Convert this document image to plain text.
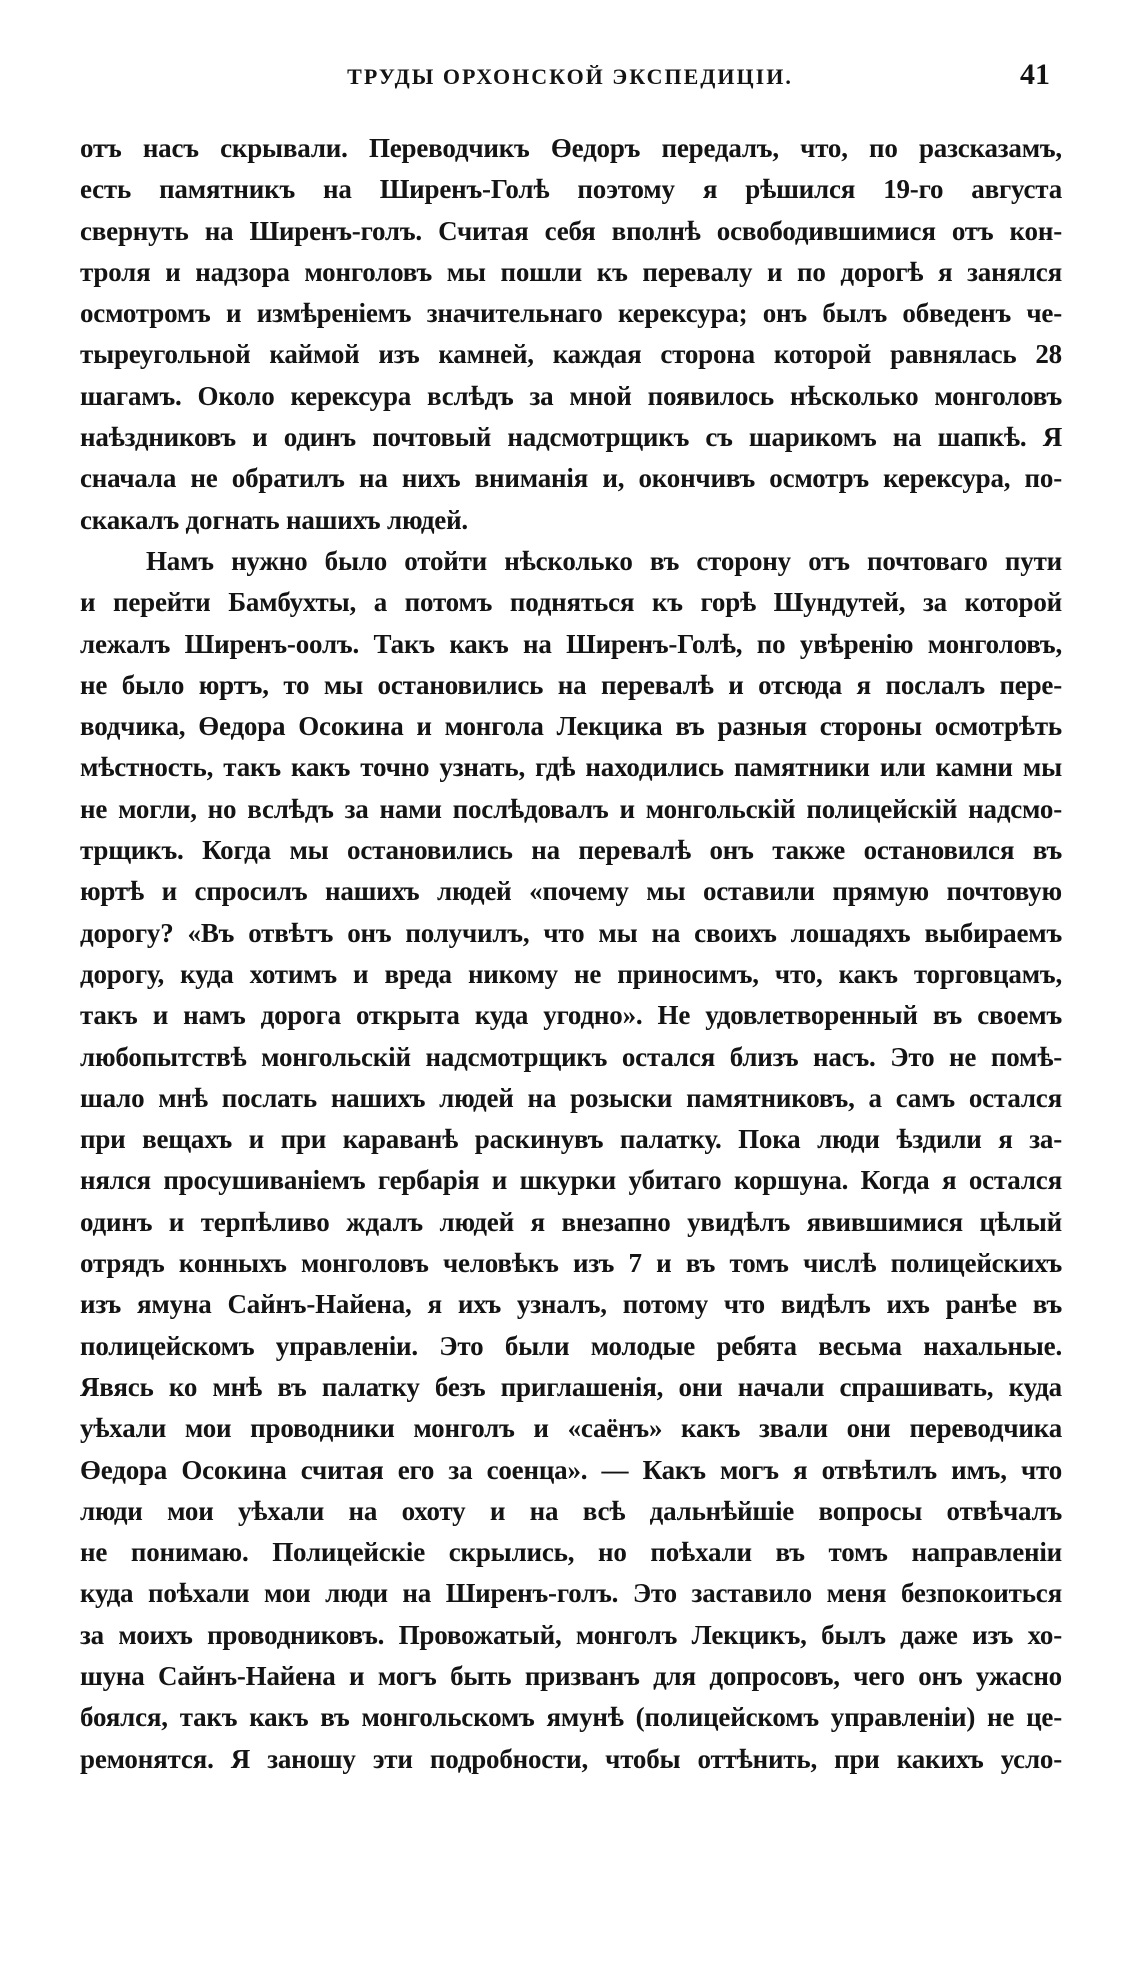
ТРУДЫ ОРХОНСКОЙ ЭКСПЕДИЦІИ.	41
отъ насъ скрывали. Переводчикъ Өедоръ передалъ, что, по разсказамъ,
есть памятникъ на Ширенъ-Голѣ поэтому я рѣшился 19-го августа
свернуть на Ширенъ-голъ. Считая себя вполнѣ освободившимися отъ кон-
троля и надзора монголовъ мы пошли къ перевалу и по дорогѣ я занялся
осмотромъ и измѣреніемъ значительнаго керексура; онъ былъ обведенъ че-
тыреугольной каймой изъ камней, каждая сторона которой равнялась 28
шагамъ. Около керексура вслѣдъ за мной появилось нѣсколько монголовъ
наѣздниковъ и одинъ почтовый надсмотрщикъ съ шарикомъ на шапкѣ. Я
сначала не обратилъ на нихъ вниманія и, окончивъ осмотръ керексура, по-
скакалъ догнать нашихъ людей.
Намъ нужно было отойти нѣсколько въ сторону отъ почтоваго пути
и перейти Бамбухты, а потомъ подняться къ горѣ Шундутей, за которой
лежалъ Ширенъ-оолъ. Такъ какъ на Ширенъ-Голѣ, по увѣренію монголовъ,
не было юртъ, то мы остановились на перевалѣ и отсюда я послалъ пере-
водчика, Өедора Осокина и монгола Лекцика въ разныя стороны осмотрѣть
мѣстность, такъ какъ точно узнать, гдѣ находились памятники или камни мы
не могли, но вслѣдъ за нами послѣдовалъ и монгольскій полицейскій надсмо-
трщикъ. Когда мы остановились на перевалѣ онъ также остановился въ
юртѣ и спросилъ нашихъ людей «почему мы оставили прямую почтовую
дорогу? «Въ отвѣтъ онъ получилъ, что мы на своихъ лошадяхъ выбираемъ
дорогу, куда хотимъ и вреда никому не приносимъ, что, какъ торговцамъ,
такъ и намъ дорога открыта куда угодно». Не удовлетворенный въ своемъ
любопытствѣ монгольскій надсмотрщикъ остался близъ насъ. Это не помѣ-
шало мнѣ послать нашихъ людей на розыски памятниковъ, а самъ остался
при вещахъ и при караванѣ раскинувъ палатку. Пока люди ѣздили я за-
нялся просушиваніемъ гербарія и шкурки убитаго коршуна. Когда я остался
одинъ и терпѣливо ждалъ людей я внезапно увидѣлъ явившимися цѣлый
отрядъ конныхъ монголовъ человѣкъ изъ 7 и въ томъ числѣ полицейскихъ
изъ ямуна Сайнъ-Найена, я ихъ узналъ, потому что видѣлъ ихъ ранѣе въ
полицейскомъ управленіи. Это были молодые ребята весьма нахальные.
Явясь ко мнѣ въ палатку безъ приглашенія, они начали спрашивать, куда
уѣхали мои проводники монголъ и «саёнъ» какъ звали они переводчика
Өедора Осокина считая его за соенца». — Какъ могъ я отвѣтилъ имъ, что
люди мои уѣхали на охоту и на всѣ дальнѣйшіе вопросы отвѣчалъ
не понимаю. Полицейскіе скрылись, но поѣхали въ томъ направленіи
куда поѣхали мои люди на Ширенъ-голъ. Это заставило меня безпокоиться
за моихъ проводниковъ. Провожатый, монголъ Лекцикъ, былъ даже изъ хо-
шуна Сайнъ-Найена и могъ быть призванъ для допросовъ, чего онъ ужасно
боялся, такъ какъ въ монгольскомъ ямунѣ (полицейскомъ управленіи) не це-
ремонятся. Я заношу эти подробности, чтобы оттѣнить, при какихъ усло-
